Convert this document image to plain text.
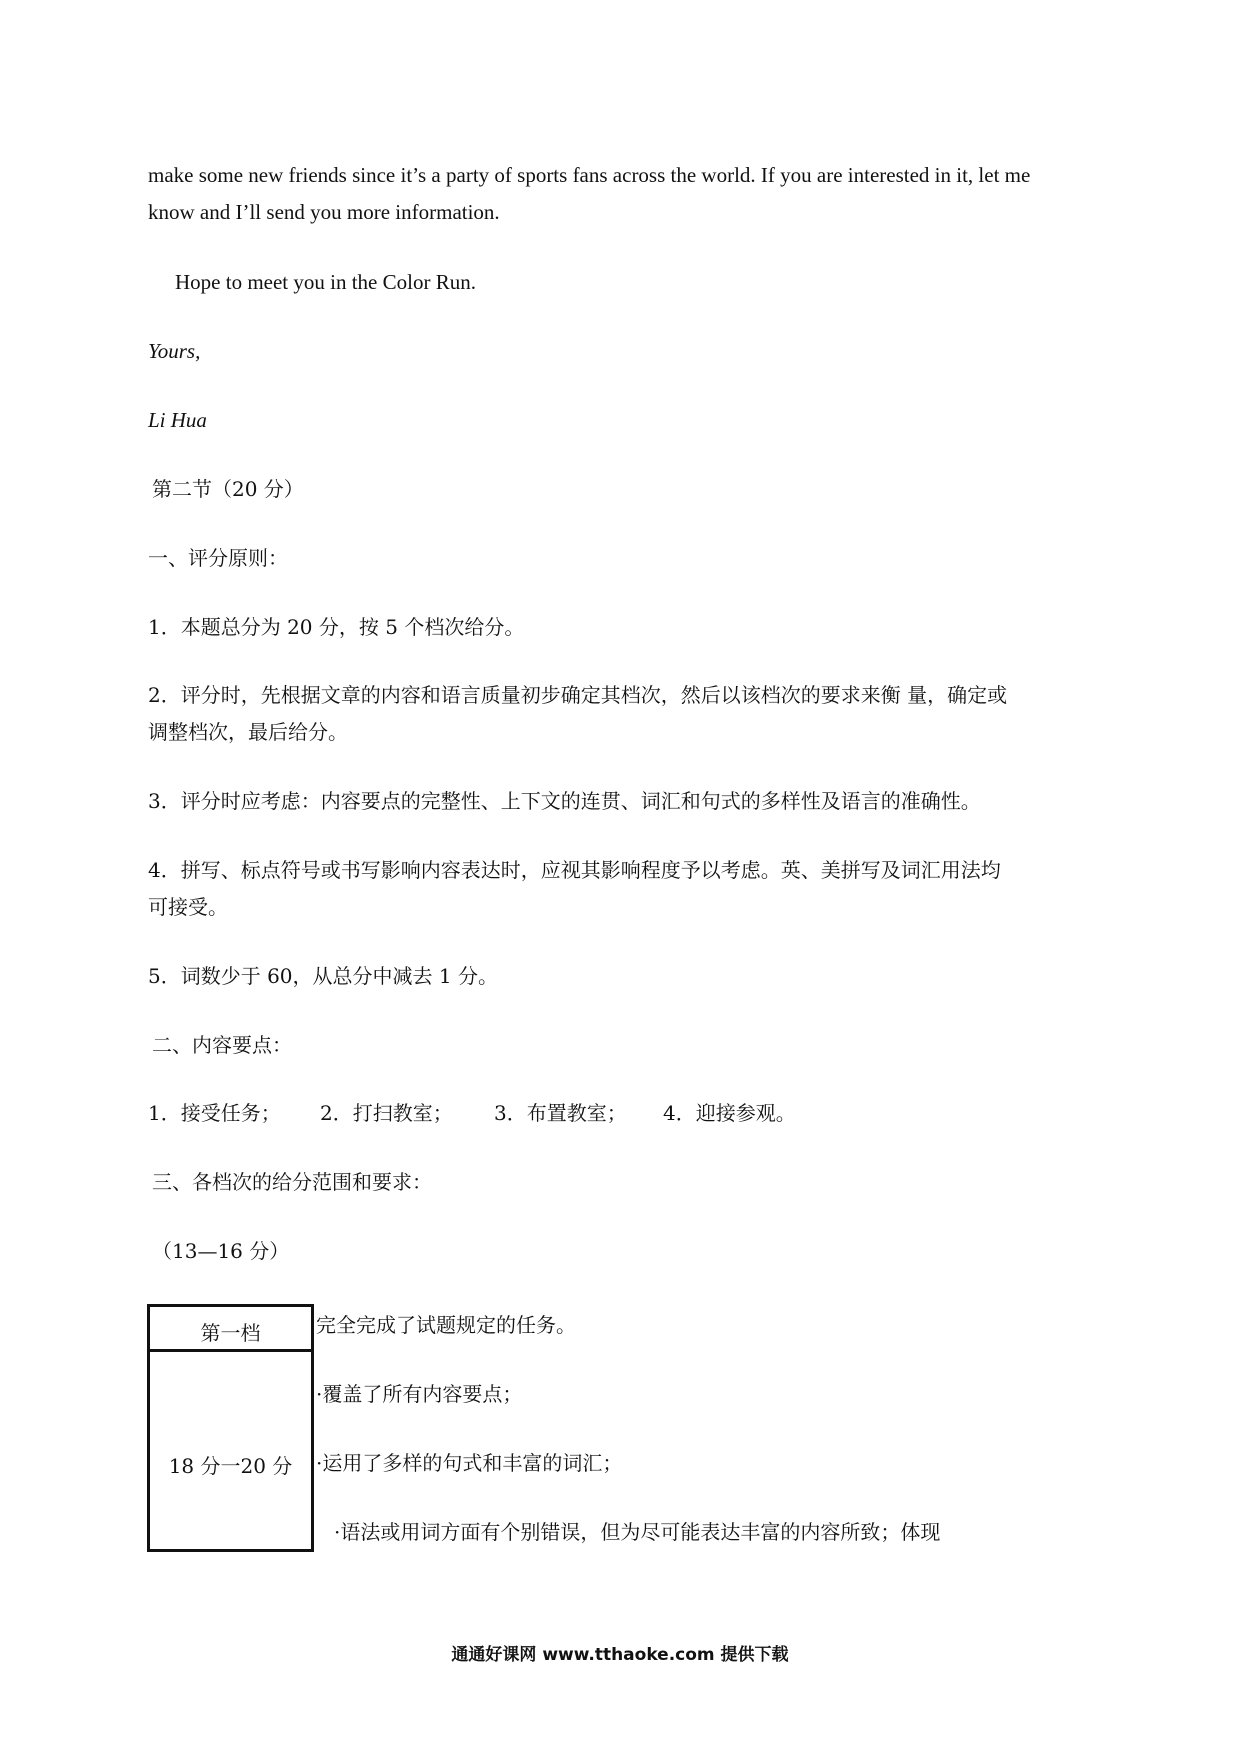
make some new friends since it’s a party of sports fans across the world. If you are interested in it, let me
know and I’ll send you more information.
Hope to meet you in the Color Run.
Yours,
Li Hua
第二节（20 分）
一、评分原则：
1．本题总分为 20 分，按 5 个档次给分。
2．评分时，先根据文章的内容和语言质量初步确定其档次，然后以该档次的要求来衡 量，确定或
调整档次，最后给分。
3．评分时应考虑：内容要点的完整性、上下文的连贯、词汇和句式的多样性及语言的准确性。
4．拼写、标点符号或书写影响内容表达时，应视其影响程度予以考虑。英、美拼写及词汇用法均
可接受。
5．词数少于 60，从总分中减去 1 分。
二、内容要点：
1．接受任务； 2．打扫教室； 3．布置教室； 4．迎接参观。
三、各档次的给分范围和要求：
（13—16 分）
第一档
18 分一20 分
完全完成了试题规定的任务。
·覆盖了所有内容要点；
·运用了多样的句式和丰富的词汇；
·语法或用词方面有个别错误，但为尽可能表达丰富的内容所致；体现
通通好课网 www.tthaoke.com 提供下载
